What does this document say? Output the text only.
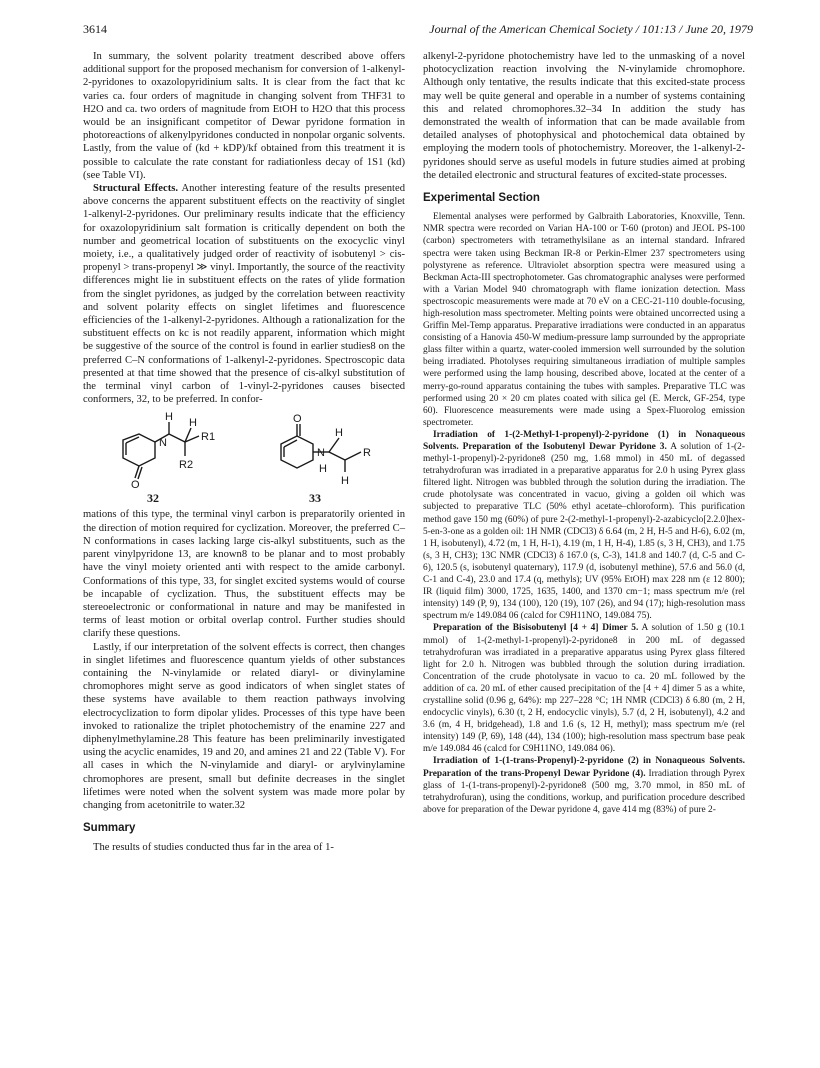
3614	Journal of the American Chemical Society / 101:13 / June 20, 1979

In summary, the solvent polarity treatment described above offers additional support for the proposed mechanism for conversion of 1-alkenyl-2-pyridones to oxazolopyridinium salts. It is clear from the fact that kc varies ca. four orders of magnitude in changing solvent from THF31 to H2O and ca. two orders of magnitude from EtOH to H2O that this process would be an insignificant competitor of Dewar pyridone formation in photoreactions of alkenylpyridones conducted in nonpolar organic solvents. Lastly, from the value of (kd + kDP)/kf obtained from this treatment it is possible to calculate the rate constant for radiationless decay of 1S1 (kd) (see Table VI).

Structural Effects. Another interesting feature of the results presented above concerns the apparent substituent effects on the reactivity of singlet 1-alkenyl-2-pyridones. Our preliminary results indicate that the efficiency for oxazolopyridinium salt formation is critically dependent on both the number and geometrical location of substituents on the exocyclic vinyl moiety, i.e., a qualitatively judged order of reactivity of isobutenyl > cis-propenyl > trans-propenyl ≫ vinyl. Importantly, the source of the reactivity differences might lie in substituent effects on the rates of ylide formation from the singlet pyridones, as judged by the correlation between reactivity and solvent polarity effects on singlet lifetimes and fluorescence efficiencies of the 1-alkenyl-2-pyridones. Although a rationalization for the substituent effects on kc is not readily apparent, information which might be suggestive of the source of the control is found in earlier studies8 on the preferred C–N conformations of 1-alkenyl-2-pyridones. Spectroscopic data presented at that time showed that the presence of cis-alkyl substitution of the terminal vinyl carbon of 1-vinyl-2-pyridones causes bisected conformers, 32, to be preferred. In confor-

N
O
H H
R1
R2
O
N
H
R
H
H
32	33

mations of this type, the terminal vinyl carbon is preparatorily oriented in the direction of motion required for cyclization. Moreover, the preferred C–N conformations in cases lacking large cis-alkyl substituents, such as the parent vinylpyridone 13, are known8 to be planar and to most probably have the vinyl moiety oriented anti with respect to the amide carbonyl. Conformations of this type, 33, for singlet excited systems would of course be incapable of cyclization. Thus, the substituent effects may be stereoelectronic or conformational in nature and may be manifested in terms of least motion or orbital overlap control. Further studies should clarify these questions.

Lastly, if our interpretation of the solvent effects is correct, then changes in singlet lifetimes and fluorescence quantum yields of other substances containing the N-vinylamide or related diaryl- or divinylamine chromophores might serve as good indicators of when singlet states of these systems have available to them reaction pathways involving electrocyclization to form dipolar ylides. Processes of this type have been invoked to rationalize the triplet photochemistry of the enamine 227 and diphenylmethylamine.28 This feature has been preliminarily investigated using the acyclic enamides, 19 and 20, and amines 21 and 22 (Table V). For all cases in which the N-vinylamide and diaryl- or arylvinylamine chromophores are present, small but definite decreases in the singlet lifetimes were noted when the solvent system was made more polar by changing from acetonitrile to water.32

Summary

The results of studies conducted thus far in the area of 1-

alkenyl-2-pyridone photochemistry have led to the unmasking of a novel photocyclization reaction involving the N-vinylamide chromophore. Although only tentative, the results indicate that this excited-state process may well be quite general and operable in a number of systems containing this and related chromophores.32–34 In addition the study has demonstrated the wealth of information that can be made available from detailed analyses of photophysical and photochemical data obtained by employing the modern tools of photochemistry. Moreover, the 1-alkenyl-2-pyridones should serve as useful models in future studies aimed at probing the detailed electronic and structural features of excited-state processes.

Experimental Section

Elemental analyses were performed by Galbraith Laboratories, Knoxville, Tenn. NMR spectra were recorded on Varian HA-100 or T-60 (proton) and JEOL PS-100 (carbon) spectrometers with tetramethylsilane as an internal standard. Infrared spectra were taken using Beckman IR-8 or Perkin-Elmer 237 spectrometers using polystyrene as reference. Ultraviolet absorption spectra were measured using a Beckman Acta-III spectrophotometer. Gas chromatographic analyses were performed with a Varian Model 940 chromatograph with flame ionization detection. Mass spectroscopic measurements were made at 70 eV on a CEC-21-110 double-focusing, high-resolution mass spectrometer. Melting points were obtained uncorrected using a Griffin Mel-Temp apparatus. Preparative irradiations were conducted in an apparatus consisting of a Hanovia 450-W medium-pressure lamp surrounded by the appropriate glass filter within a quartz, water-cooled immersion well surrounded by the solution being irradiated. Photolyses requiring simultaneous irradiation of multiple samples were performed using the lamp housing, described above, located at the center of a merry-go-round apparatus containing the tubes with samples. Preparative TLC was performed using 20 × 20 cm plates coated with silica gel (E. Merck, GF-254, type 60). Fluorescence measurements were made using a Spex-Fluorolog emission spectrometer.

Irradiation of 1-(2-Methyl-1-propenyl)-2-pyridone (1) in Nonaqueous Solvents. Preparation of the Isobutenyl Dewar Pyridone 3. A solution of 1-(2-methyl-1-propenyl)-2-pyridone8 (250 mg, 1.68 mmol) in 450 mL of degassed tetrahydrofuran was irradiated in a preparative apparatus for 2.0 h using Pyrex glass filtered light. Nitrogen was bubbled through the solution during the irradiation. The crude photolysate was concentrated in vacuo, giving a golden oil which was subjected to preparative TLC (50% ethyl acetate–chloroform). This purification method gave 150 mg (60%) of pure 2-(2-methyl-1-propenyl)-2-azabicyclo[2.2.0]hex-5-en-3-one as a golden oil: 1H NMR (CDCl3) δ 6.64 (m, 2 H, H-5 and H-6), 6.02 (m, 1 H, isobutenyl), 4.72 (m, 1 H, H-1), 4.19 (m, 1 H, H-4), 1.85 (s, 3 H, CH3), and 1.75 (s, 3 H, CH3); 13C NMR (CDCl3) δ 167.0 (s, C-3), 141.8 and 140.7 (d, C-5 and C-6), 120.5 (s, isobutenyl quaternary), 117.9 (d, isobutenyl methine), 57.6 and 56.0 (d, C-1 and C-4), 23.0 and 17.4 (q, methyls); UV (95% EtOH) max 228 nm (ε 12 800); IR (liquid film) 3000, 1725, 1635, 1400, and 1370 cm−1; mass spectrum m/e (rel intensity) 149 (P, 9), 134 (100), 120 (19), 107 (26), and 94 (17); high-resolution mass spectrum m/e 149.084 06 (calcd for C9H11NO, 149.084 75).

Preparation of the Bisisobutenyl [4 + 4] Dimer 5. A solution of 1.50 g (10.1 mmol) of 1-(2-methyl-1-propenyl)-2-pyridone8 in 200 mL of degassed tetrahydrofuran was irradiated in a preparative apparatus using Pyrex glass filtered light for 2.0 h. Nitrogen was bubbled through the solution during irradiation. Concentration of the crude photolysate in vacuo to ca. 20 mL followed by the addition of ca. 20 mL of ether caused precipitation of the [4 + 4] dimer 5 as a white, crystalline solid (0.96 g, 64%): mp 227–228 °C; 1H NMR (CDCl3) δ 6.80 (m, 2 H, endocyclic vinyls), 6.30 (t, 2 H, endocyclic vinyls), 5.7 (d, 2 H, isobutenyl), 4.2 and 3.6 (m, 4 H, bridgehead), 1.8 and 1.6 (s, 12 H, methyl); mass spectrum m/e (rel intensity) 149 (P, 69), 148 (44), 134 (100); high-resolution mass spectrum base peak m/e 149.084 46 (calcd for C9H11NO, 149.084 06).

Irradiation of 1-(1-trans-Propenyl)-2-pyridone (2) in Nonaqueous Solvents. Preparation of the trans-Propenyl Dewar Pyridone (4). Irradiation through Pyrex glass of 1-(1-trans-propenyl)-2-pyridone8 (500 mg, 3.70 mmol, in 850 mL of tetrahydrofuran), using the conditions, workup, and purification procedure described above for preparation of the Dewar pyridone 4, gave 414 mg (83%) of pure 2-
